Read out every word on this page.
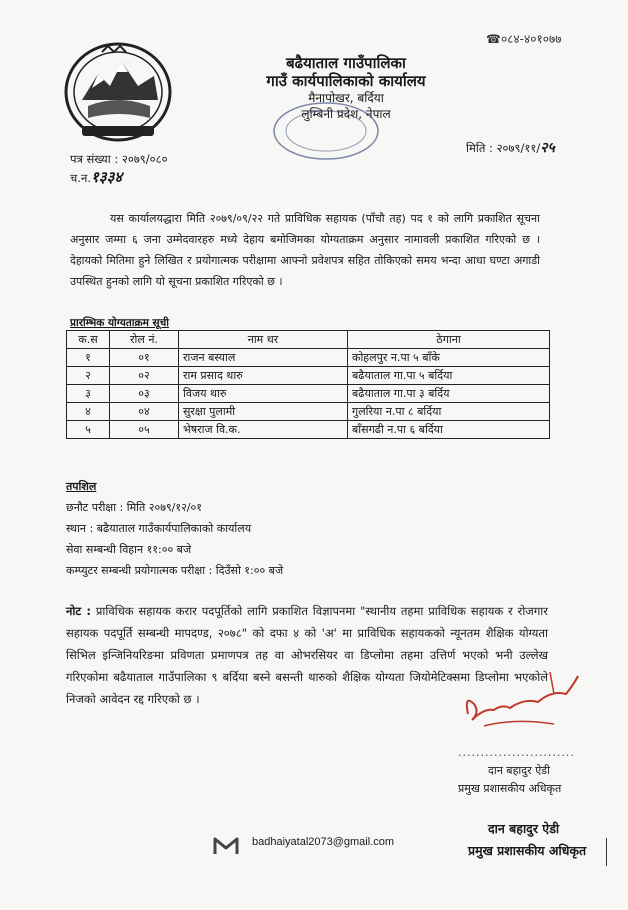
☎०८४-४०१०७७
बढैयाताल गाउँपालिका
गाउँ कार्यपालिकाको कार्यालय
मैनापोखर, बर्दिया
लुम्बिनी प्रदेश, नेपाल
पत्र संख्या : २०७९/०८०
च.न.१३३४
मिति : २०७९/११/२५
यस कार्यालयद्धारा मिति २०७९/०९/२२ गते प्राविधिक सहायक (पाँचौ तह) पद १ को लागि प्रकाशित सूचना अनुसार जम्मा ६ जना उम्मेदवारहरु मध्ये देहाय बमोजिमका योग्यताक्रम अनुसार नामावली प्रकाशित गरिएको छ । देहायको मितिमा हुने लिखित र प्रयोगात्मक परीक्षामा आफ्नो प्रवेशपत्र सहित तोकिएको समय भन्दा आधा घण्टा अगाडी उपस्थित हुनको लागि यो सूचना प्रकाशित गरिएको छ ।
प्रारम्भिक योग्यताक्रम सूची
क.स	रोल नं.	नाम थर	ठेगाना
१	०१	राजन बस्याल	कोहलपुर न.पा ५ बाँके
२	०२	राम प्रसाद थारु	बढैयाताल गा.पा ५ बर्दिया
३	०३	विजय थारु	बढैयाताल गा.पा ३ बर्दिय
४	०४	सुरक्षा पुलामी	गुलरिया न.पा ८ बर्दिया
५	०५	भेषराज वि.क.	बाँसगढी न.पा ६ बर्दिया
तपशिल
छनौट परीक्षा : मिति २०७९/१२/०१
स्थान : बढैयाताल गाउँकार्यपालिकाको कार्यालय
सेवा सम्बन्धी विहान ११:०० बजे
कम्प्युटर सम्बन्धी प्रयोगात्मक परीक्षा : दिउँसो १:०० बजे
नोट : प्राविधिक सहायक करार पदपूर्तिको लागि प्रकाशित विज्ञापनमा "स्थानीय तहमा प्राविधिक सहायक र रोजगार सहायक पदपूर्ति सम्बन्धी मापदण्ड, २०७८" को दफा ४ को 'अ' मा प्राविधिक सहायकको न्यूनतम शैक्षिक योग्यता सिभिल इन्जिनियरिङमा प्रविणता प्रमाणपत्र तह वा ओभरसियर वा डिप्लोमा तहमा उत्तिर्ण भएको भनी उल्लेख गरिएकोमा बढैयाताल गाउँपालिका ९ बर्दिया बस्ने बसन्ती थारुको शैक्षिक योग्यता जियोमेटिक्समा डिप्लोमा भएकोले निजको आवेदन रद्द गरिएको छ ।
..........................
दान बहादुर ऐडी
प्रमुख प्रशासकीय अधिकृत
badhaiyatal2073@gmail.com
दान बहादुर ऐडी
प्रमुख प्रशासकीय अधिकृत
